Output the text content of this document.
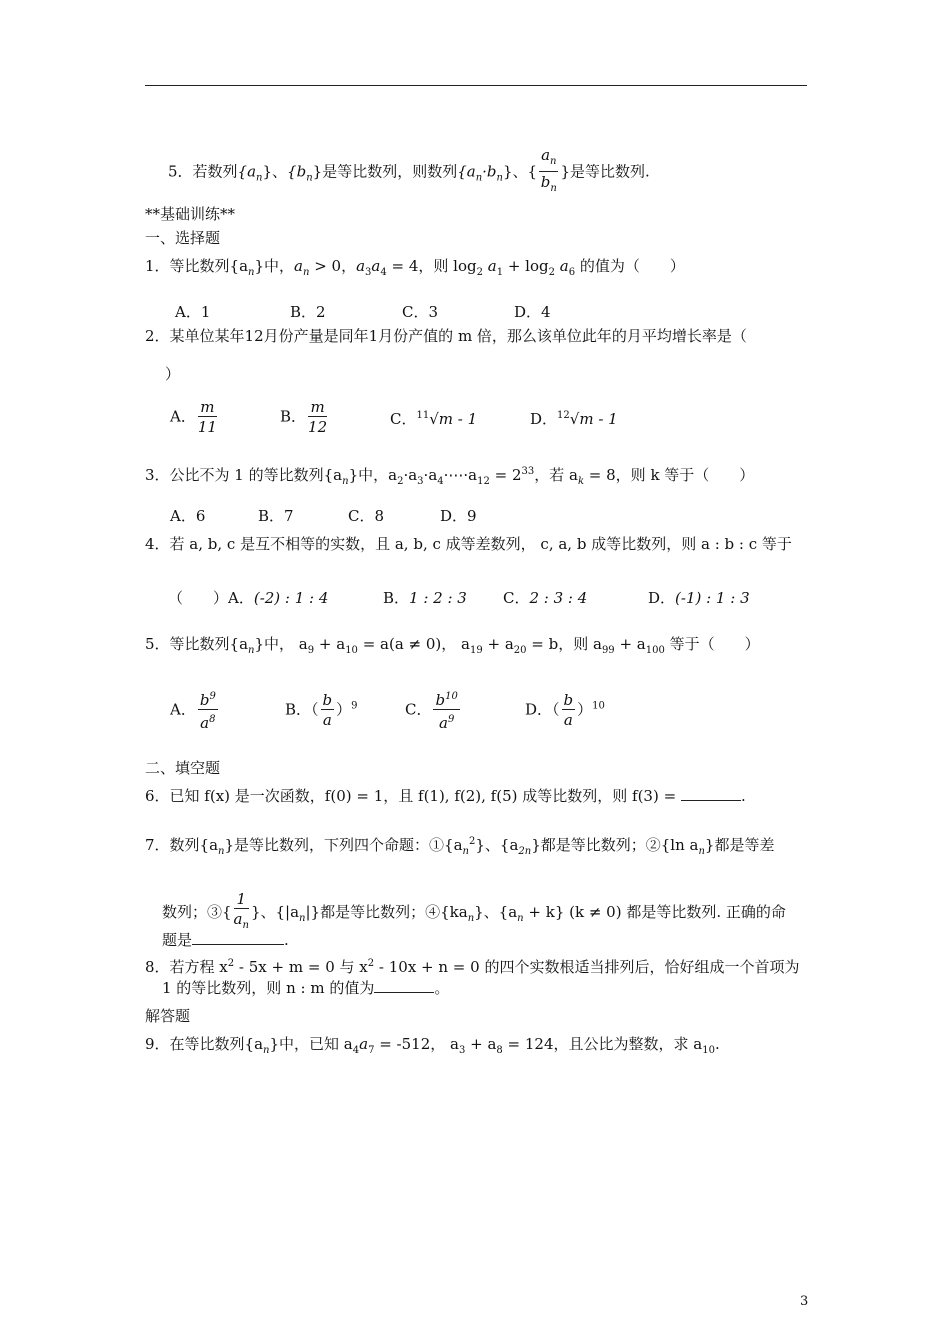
5．若数列$\{a_n\}$、$\{b_n\}$是等比数列，则数列$\{a_n\cdot b_n\}$、{ $\frac{a_n}{b_n}$ }是等比数列.
**基础训练**
一、选择题
1．等比数列$\{a_n\}$中，$a_n > 0$，$a_3a_4 = 4$，则 $\log_2 a_1 + \log_2 a_6$ 的值为（　　）
A．1	B．2	C．3	D．4
2．某单位某年12月份产量是同年1月份产值的 m 倍，那么该单位此年的月平均增长率是（
）
A． $\frac{m}{11}$	B． $\frac{m}{12}$	C．$^{11}$√m - 1	D．$^{12}$√m - 1
3．公比不为 1 的等比数列$\{a_n\}$中，$a_2\cdot a_3\cdot a_4\cdot\cdots\cdot a_{12} = 2^{33}$，若 $a_k = 8$，则 k 等于（　　）
A．6	B．7	C．8	D．9
4．若 a, b, c 是互不相等的实数，且 a, b, c 成等差数列， c, a, b 成等比数列，则 a : b : c 等于
（　　）A．(-2) : 1 : 4	B．1 : 2 : 3 C．2 : 3 : 4	D．(-1) : 1 : 3
5．等比数列$\{a_n\}$中， $a_9 + a_{10} = a(a \ne 0)$， $a_{19} + a_{20} = b$，则 $a_{99} + a_{100}$ 等于（　　）
A． $\frac{b^9}{a^8}$	B．（ $\frac{b}{a} )^9$	C． $\frac{b^{10}}{a^9}$	D．（ $\frac{b}{a} )^{10}$
二、填空题
6．已知 f(x) 是一次函数，f(0) = 1，且 f(1), f(2), f(5) 成等比数列，则 f(3) =	.
7．数列$\{a_n\}$是等比数列，下列四个命题：$①\{a_n^2\}$、$\{a_{2n}\}$都是等比数列；②{ln $a_n$}都是等差
数列；③{ $\frac{1}{a_n}$ }、$\{|a_n|\}$都是等比数列；$④\{ka_n\}$、$\{a_n + k\} (k \ne 0)$ 都是等比数列. 正确的命
题是	.
8．若方程 $x^2 - 5x + m = 0$ 与 $x^2 - 10x + n = 0$ 的四个实数根适当排列后，恰好组成一个首项为
1 的等比数列，则 n : m 的值为	。
解答题
9．在等比数列$\{a_n\}$中，已知 $a_4a_7 = -512$， $a_3 + a_8 = 124$，且公比为整数，求 $a_{10}$.
3
